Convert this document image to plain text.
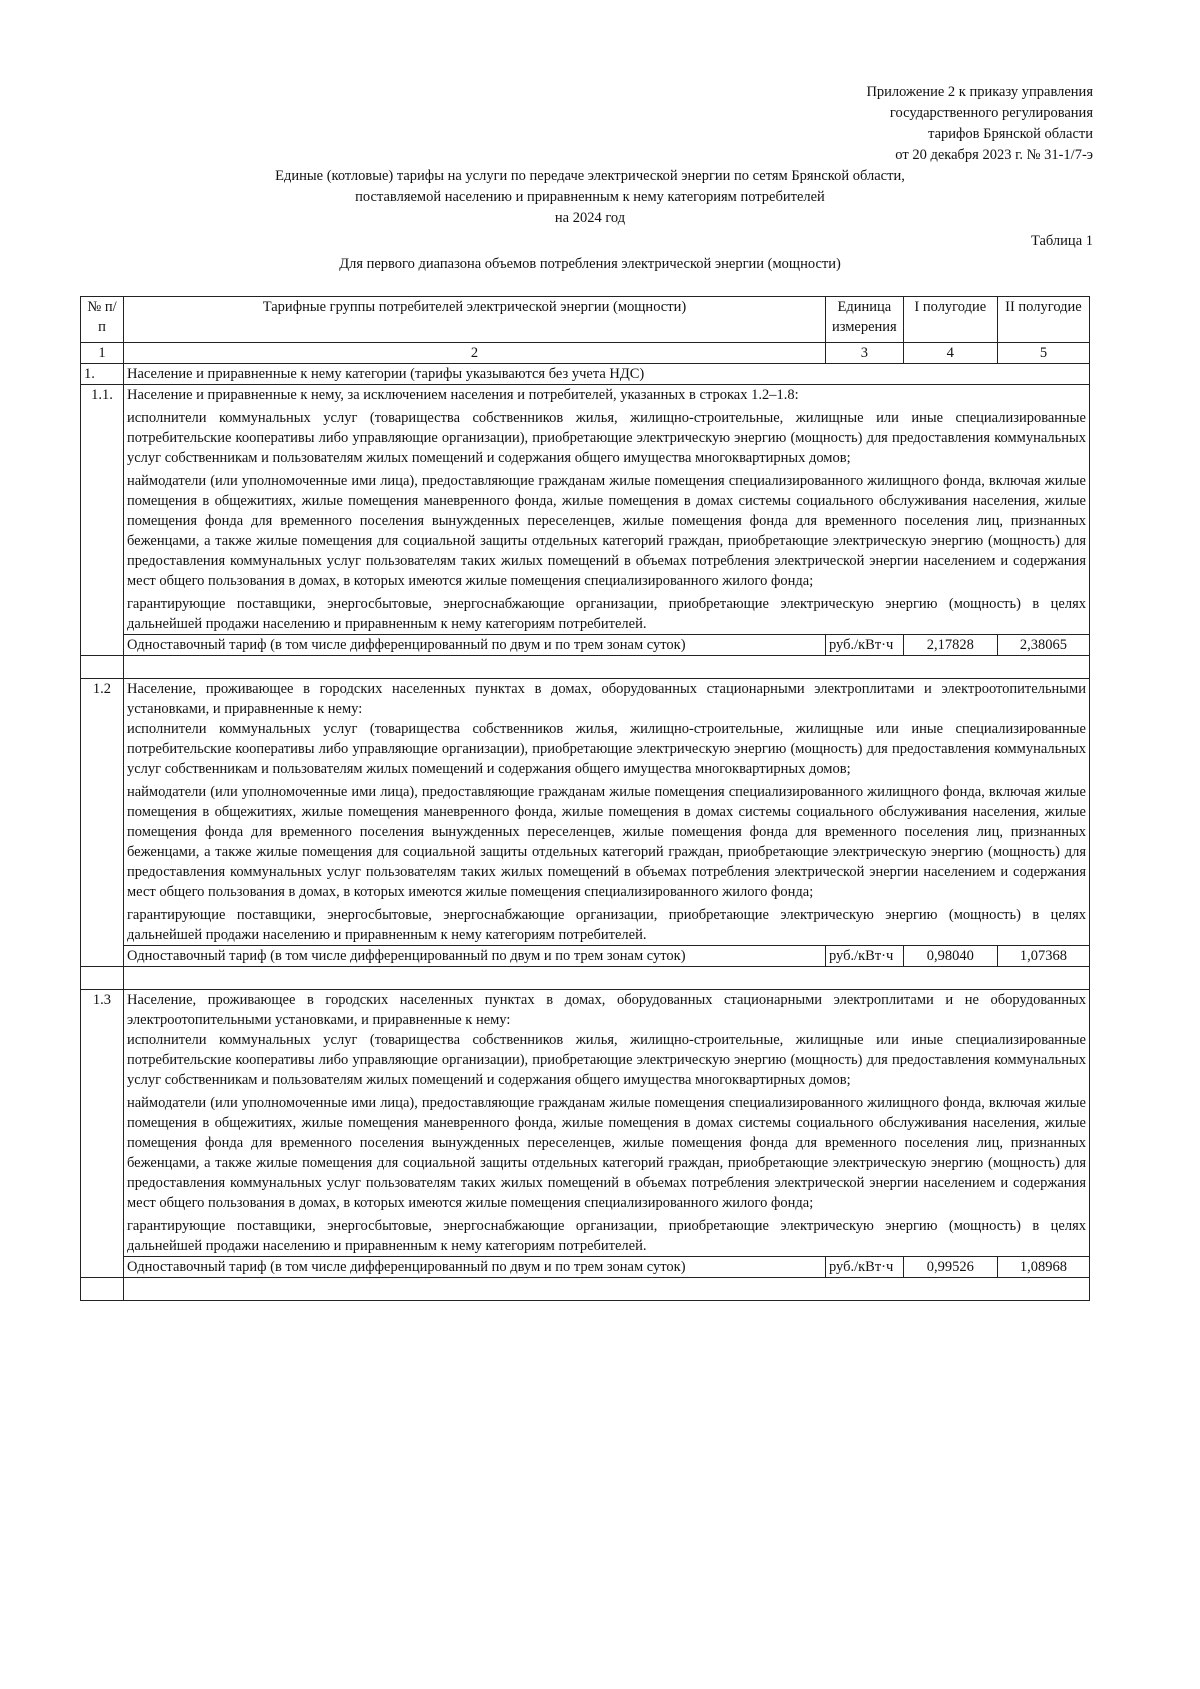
Приложение 2 к приказу управления
государственного регулирования
тарифов Брянской области
от 20 декабря 2023 г. № 31-1/7-э
Единые (котловые) тарифы на услуги по передаче электрической энергии по сетям Брянской области,
поставляемой населению и приравненным к нему категориям потребителей
на 2024 год
Таблица 1
Для первого диапазона объемов потребления электрической энергии (мощности)
№ п/п	Тарифные группы потребителей электрической энергии (мощности)	Единица измерения	I полугодие	II полугодие
1	2	3	4	5
1.	Население и приравненные к нему категории (тарифы указываются без учета НДС)			
1.1.	Население и приравненные к нему, за исключением населения и потребителей, указанных в строках 1.2–1.8:

исполнители коммунальных услуг (товарищества собственников жилья, жилищно-строительные, жилищные или иные специализированные потребительские кооперативы либо управляющие организации), приобретающие электрическую энергию (мощность) для предоставления коммунальных услуг собственникам и пользователям жилых помещений и содержания общего имущества многоквартирных домов;

наймодатели (или уполномоченные ими лица), предоставляющие гражданам жилые помещения специализированного жилищного фонда, включая жилые помещения в общежитиях, жилые помещения маневренного фонда, жилые помещения в домах системы социального обслуживания населения, жилые помещения фонда для временного поселения вынужденных переселенцев, жилые помещения фонда для временного поселения лиц, признанных беженцами, а также жилые помещения для социальной защиты отдельных категорий граждан, приобретающие электрическую энергию (мощность) для предоставления коммунальных услуг пользователям таких жилых помещений в объемах потребления электрической энергии населением и содержания мест общего пользования в домах, в которых имеются жилые помещения специализированного жилого фонда;

гарантирующие поставщики, энергосбытовые, энергоснабжающие организации, приобретающие электрическую энергию (мощность) в целях дальнейшей продажи населению и приравненным к нему категориям потребителей.			

	Одноставочный тариф (в том числе дифференцированный по двум и по трем зонам суток)	руб./кВт·ч	2,17828	2,38065

1.2	Население, проживающее в городских населенных пунктах в домах, оборудованных стационарными электроплитами и электроотопительными установками, и приравненные к нему:

исполнители коммунальных услуг (товарищества собственников жилья, жилищно-строительные, жилищные или иные специализированные потребительские кооперативы либо управляющие организации), приобретающие электрическую энергию (мощность) для предоставления коммунальных услуг собственникам и пользователям жилых помещений и содержания общего имущества многоквартирных домов;

наймодатели (или уполномоченные ими лица), предоставляющие гражданам жилые помещения специализированного жилищного фонда, включая жилые помещения в общежитиях, жилые помещения маневренного фонда, жилые помещения в домах системы социального обслуживания населения, жилые помещения фонда для временного поселения вынужденных переселенцев, жилые помещения фонда для временного поселения лиц, признанных беженцами, а также жилые помещения для социальной защиты отдельных категорий граждан, приобретающие электрическую энергию (мощность) для предоставления коммунальных услуг пользователям таких жилых помещений в объемах потребления электрической энергии населением и содержания мест общего пользования в домах, в которых имеются жилые помещения специализированного жилого фонда;

гарантирующие поставщики, энергосбытовые, энергоснабжающие организации, приобретающие электрическую энергию (мощность) в целях дальнейшей продажи населению и приравненным к нему категориям потребителей.			

	Одноставочный тариф (в том числе дифференцированный по двум и по трем зонам суток)	руб./кВт·ч	0,98040	1,07368

1.3	Население, проживающее в городских населенных пунктах в домах, оборудованных стационарными электроплитами и не оборудованных электроотопительными установками, и приравненные к нему:

исполнители коммунальных услуг (товарищества собственников жилья, жилищно-строительные, жилищные или иные специализированные потребительские кооперативы либо управляющие организации), приобретающие электрическую энергию (мощность) для предоставления коммунальных услуг собственникам и пользователям жилых помещений и содержания общего имущества многоквартирных домов;

наймодатели (или уполномоченные ими лица), предоставляющие гражданам жилые помещения специализированного жилищного фонда, включая жилые помещения в общежитиях, жилые помещения маневренного фонда, жилые помещения в домах системы социального обслуживания населения, жилые помещения фонда для временного поселения вынужденных переселенцев, жилые помещения фонда для временного поселения лиц, признанных беженцами, а также жилые помещения для социальной защиты отдельных категорий граждан, приобретающие электрическую энергию (мощность) для предоставления коммунальных услуг пользователям таких жилых помещений в объемах потребления электрической энергии населением и содержания мест общего пользования в домах, в которых имеются жилые помещения специализированного жилого фонда;

гарантирующие поставщики, энергосбытовые, энергоснабжающие организации, приобретающие электрическую энергию (мощность) в целях дальнейшей продажи населению и приравненным к нему категориям потребителей.			

	Одноставочный тариф (в том числе дифференцированный по двум и по трем зонам суток)	руб./кВт·ч	0,99526	1,08968
